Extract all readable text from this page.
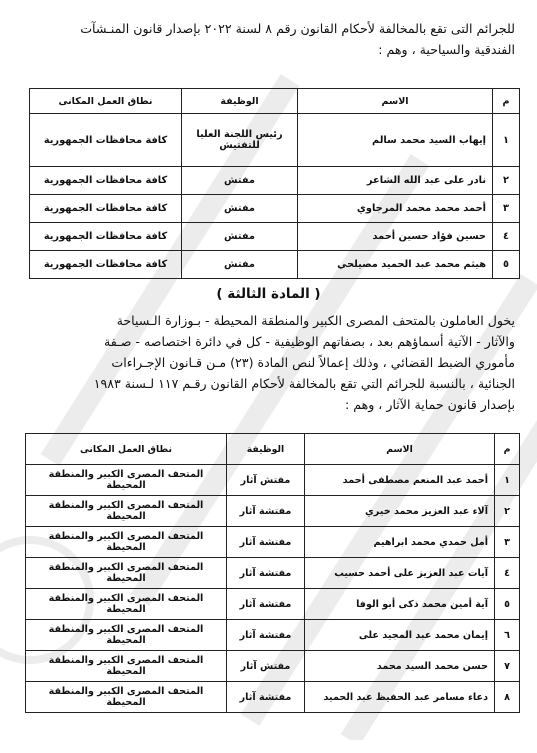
للجرائم التى تقع بالمخالفة لأحكام القانون رقم ٨ لسنة ٢٠٢٢ بإصدار قانون المنـشآت
الفندقية والسياحية ، وهم :
م	الاسم	الوظيفة	نطاق العمل المكانى
١	إيهاب السيد محمد سالم	رئيس اللجنة العليا للتفتيش	كافة محافظات الجمهورية
٢	نادر على عبد الله الشاعر	مفتش	كافة محافظات الجمهورية
٣	أحمد محمد محمد المرجاوي	مفتش	كافة محافظات الجمهورية
٤	حسين فؤاد حسين أحمد	مفتش	كافة محافظات الجمهورية
٥	هيثم محمد عبد الحميد مصيلحي	مفتش	كافة محافظات الجمهورية
( المادة الثالثة )
يخول العاملون بالمتحف المصرى الكبير والمنطقة المحيطة - بـوزارة الـسياحة
والآثار - الآتية أسماؤهم بعد ، بصفاتهم الوظيفية - كل في دائرة اختصاصه - صـفة
مأموري الضبط القضائي ، وذلك إعمالاً لنص المادة (٢٣) مـن قـانون الإجـراءات
الجنائية ، بالنسبة للجرائم التي تقع بالمخالفة لأحكام القانون رقـم ١١٧ لـسنة ١٩٨٣
بإصدار قانون حماية الآثار ، وهم :
م	الاسم	الوظيفة	نطاق العمل المكانى
١	أحمد عبد المنعم مصطفى أحمد	مفتش آثار	المتحف المصرى الكبير والمنطقة المحيطة
٢	آلاء عبد العزيز محمد خيري	مفتشة آثار	المتحف المصرى الكبير والمنطقة المحيطة
٣	أمل حمدي محمد ابراهيم	مفتشة آثار	المتحف المصرى الكبير والمنطقة المحيطة
٤	آيات عبد العزيز على أحمد حسيب	مفتشة آثار	المتحف المصرى الكبير والمنطقة المحيطة
٥	آية أمين محمد ذكى أبو الوفا	مفتشة آثار	المتحف المصرى الكبير والمنطقة المحيطة
٦	إيمان محمد عبد المجيد على	مفتشة آثار	المتحف المصرى الكبير والمنطقة المحيطة
٧	حسن محمد السيد محمد	مفتش آثار	المتحف المصرى الكبير والمنطقة المحيطة
٨	دعاء مسامر عبد الحفيظ عبد الحميد	مفتشة آثار	المتحف المصرى الكبير والمنطقة المحيطة
